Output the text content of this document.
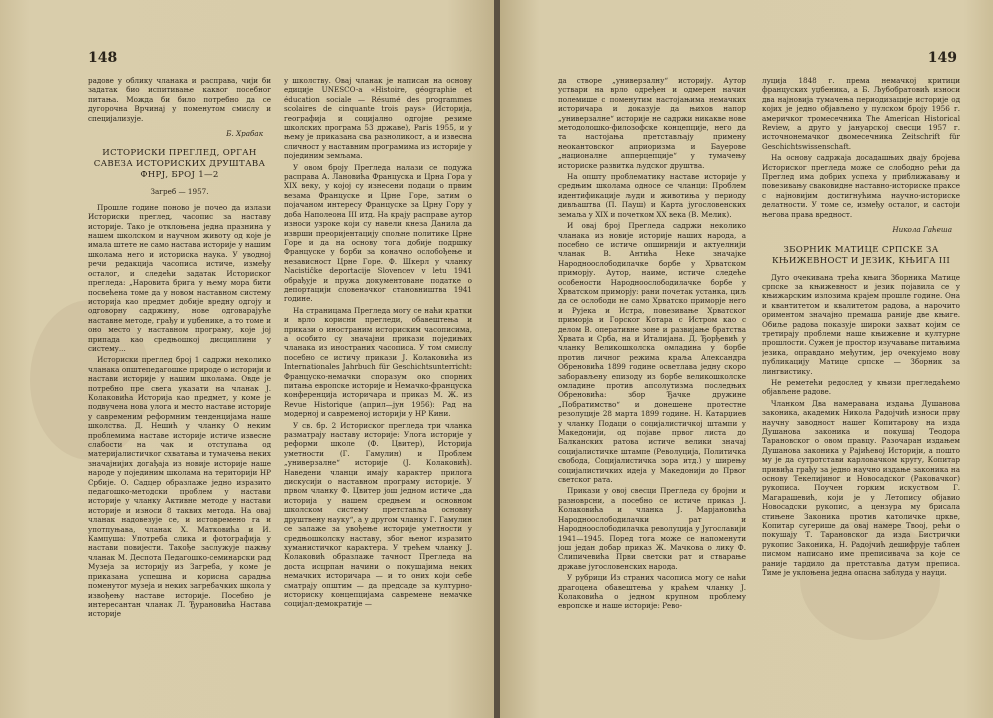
148

радове у облику чланака и расправа, чији би задатак био испитивање каквог посебног питања. Можда би било потребно да се дугорочна Врчинај у поменутом смислу и специјализује.

Б. Храбак
ИСТОРИСКИ ПРЕГЛЕД, ОРГАН САВЕЗА ИСТОРИСКИХ ДРУШТАВА ФНРЈ, БРОЈ 1—2
Загреб — 1957.

Прошле године поново је почео да излази Историски преглед, часопис за наставу историје. Тако је отклоњена једна празнина у нашем школском и научном животу од које је имала штете не само настава историје у нашим школама него и историска наука. У уводној речи редакција часописа истиче, између осталог, и следећи задатак Историског прегледа: „Наровита брига у њему мора бити посвећена томе да у новом наставном систему историја као предмет добије вредну одгоју и одговорну садржину, нове одговарајуће наставне методе, грађу и уџбенике, а то томе и оно место у наставном програму, које јој припада као средњошкој дисциплини у систему...

Историски преглед број 1 садржи неколико чланака општепедагошке природе о историји и настави историје у нашим школама. Овде је потребно пре свега указати на чланак Ј. Колаковића Историја као предмет, у коме је подвучена нова улога и место наставе историје у савременим реформним тенденцијама наше школства. Д. Нешић у чланку О неким проблемима наставе историје истиче извесне слабости на чак и отступања од материјалистичког схватања и тумачења неких значајнијих догађаја из новије историје наше народе у појединим школама на територији НР Србије. О. Садцер образлаже једно изразито педагошко-методски проблем у настави историје у чланку Активне методе у настави историје и износи 8 таквих метода. На овај чланак надовезује се, и истовремено га и употпуњава, чланак Х. Матковића и И. Кампуша: Употреба слика и фотографија у настави повијести. Такође заслужује пажњу чланак М. Деспота Педагошко-семинарски рад Музеја за историју из Загреба, у коме је приказана успешна и корисна сарадња поменутог музеја и неких загребачких школа у извођењу наставе историје. Посебно је интересантан чланак Л. Ђурановића Настава историје

у школству. Овај чланак је написан на основу едиције UNESCO-а «Histoire, géographie et éducation sociale — Résumé des programmes scolaires de cinquante trois pays» (Историја, географија и социјално одгојне резиме школских програма 53 државе), Paris 1955, и у њему је приказана сва разноликост, а и извесна сличност у наставним програмима из историје у појединим земљама.

У овом броју Прегледа налази се подужа расправа А. Лановића Француска и Црна Гора у XIX веку, у којој су изнесени подаци о првим везама Француске и Црне Горе, затим о појачаном интересу Француске за Црну Гору у доба Наполеона III итд. На крају расправе аутор износи узроке који су навели кнеза Данила да изврши преоријентацију спољне политике Црне Горе и да на основу тога добије подршку Француске у борби за коначно ослобођење и независност Црне Горе. Ф. Шкерл у чланку Nacističke deportacije Slovencev v letu 1941 обрађује и пружа документоване податке о депортацији словеначког становништва 1941 године.

На страницама Прегледа могу се наћи кратки и врло корисни прегледи, обавештења и прикази о иностраним историским часописима, а особито су значајни прикази поједињих чланака из иностраних часописа. У том смислу посебно се истичу прикази Ј. Колаковића из Internationales Jahrbuch für Geschichtsunterricht: Француско-немачки споразум око спорних питања европске историје и Немачко-француска конференција историчара и приказ М. Ж. из Revue Historique (април—јун 1956): Рад на модерној и савременој историји у НР Кини.

У св. бр. 2 Историског прегледа три чланка разматрају наставу историје: Улога историје у реформи школе (Ф. Цвитер), Историја уметности (Г. Гамулин) и Проблем „универзалне“ историје (Ј. Колаковић). Наведени чланци имају карактер прилога дискусији о наставном програму историје. У првом чланку Ф. Цвитер још једном истиче „да историја у нашем средњем и основном школском систему претставља основну друштвену науку“, а у другом чланку Г. Гамулин се залаже за увођење историје уметности у средњошколску наставу, због њеног изразито хуманистичког карактера. У трећем чланку Ј. Колаковић образлаже тачност Прегледа на доста исцрпан начини о покушајима неких немачких историчара — и то оних који себе сматрају општим — да предсаде за културно-историску концепцијама савремене немачке социјал-демократије —

149

да створе „универзалну“ историју. Аутор уствари на врло одређен и одмерен начин полемише с поменутим настојањима немачких историчара и доказује да њихов напор „универзалне“ историје не садржи никакве нове методолошко-филозофске концепције, него да та настојања претстављају примену неокантовског априоризма и Бауерове „националне апперцепције“ у тумачењу историске развитка људског друштва.

На општу проблематику наставе историје у средњим школама односе се чланци: Проблем идентификације људи и животиња у периоду дивљаштва (П. Пауш) и Карта југословенских земаља у XIX и почетком XX века (В. Мелик).

И овај број Прегледа садржи неколико чланака из новије историје наших народа, а посебно се истиче опширнији и актуелнији чланак В. Антића Неке значајке Народноослободилачке борбе у Хрватском приморју. Аутор, наиме, истиче следеће особености Народноослободилачке борбе у Хрватском приморју: рани почетак устанка, циљ да се ослободи не само Хрватско приморје него и Рујека и Истра, повезивање Хрватског приморја и Горског Котара с Истром као с делом В. оперативне зоне и развијање братства Хрвата и Срба, на и Италијана. Д. Ђорђевић у чланку Великошколска омладина у борбе против личног режима краља Александра Обреновића 1899 године осветлава једну скоро заборављену епизоду из борбе великошколске омладине против апсолутизма последњих Обреновића: збор Ђачке дружине „Побратимство“ и донешене протестне резолуције 28 марта 1899 године. Н. Катарџиев у чланку Подаци о социјалистичкој штампи у Македонији, од појаве првог листа до Балканских ратова истиче велики значај социјалистичке штампе (Револуција, Политичка свобода, Социјалистичка зора итд.) у ширењу социјалистичких идеја у Македонији до Првог светског рата.

Прикази у овој свесци Прегледа су бројни и разноврсни, а посебно се истиче приказ Ј. Колаковића и чланка Ј. Марјановића Народноослободилачки рат и Народноослободилачка револуција у Југославији 1941—1945. Поред тога може се напоменути још један добар приказ Ж. Мачкова о лику Ф. Слипичевића Први светски рат и стварање државе југословенских народа.

У рубрици Из страних часописа могу се наћи драгоцена обавештења у краћем чланку Ј. Колаковића о једном крупном проблему европске и наше историје: Рево-

луција 1848 г. према немачкој критици француских уџбеника, а Б. Љубобратовић износи два најновија тумачења периодизације историје од којих је једно објављено у пулском броју 1956 г. америчког тромесечника The American Historical Review, а друго у јануарској свесци 1957 г. источнонемачког двомесечника Zeitschrift für Geschichtswissenschaft.

На основу садржаја досадашњих двају бројева Историског прегледа може се слободно рећи да Преглед има добрих успеха у приближавању и повезивању сваковидне наставно-историске праксе с најновијим достигнућима научно-историске делатности. У томе се, између осталог, и састоји његова права вредност.

Никола Гаћеша
ЗБОРНИК МАТИЦЕ СРПСКЕ ЗА КЊИЖЕВНОСТ И ЈЕЗИК, КЊИГА III

Дуго очекивана трећа књига Зборника Матице српске за књижевност и језик појавила се у књижарским излозима крајем прошле године. Она и квантитетом и квалитетом радова, а нарочито ориментом значајно премаша раније две књиге. Обиље радова показује широки захват којим се третирају проблеми наше књижевне и културне прошлости. Сужен је простор изучавање питањима језика, оправдано међутим, јер очекујемо нову публикацију Матице српске — Зборник за лингвистику.

Не реметећи редослед у књизи прегледаћемо објављене радове.

Чланком Два намеравана издања Душанова законика, академик Никола Радојчић износи прву научну заводност нашег Копитарову на изда Душанова законика и покушај Теодора Тарановског о овом правцу. Разочаран издањем Душанова законика у Рајићевој Историји, а пошто му је да сутротстави карловачком кругу, Копитар привиђа грађу за једно научно издање законика на основу Текелијиног и Новосадског (Раковачког) рукописа. Поучен горким искуством Г. Магарашевић, који је у Летопису објавио Новосадски рукопис, а цензура му брисала стињене Законика против католичке цркве, Копитар сугерише да овај намере Твоој, рећи о покушају Т. Тарановског да изда Бистрички рукопис Законика, Н. Радојчић дешифрује таблен писмом написано име преписивача за које се раније тардило да претставља датум преписа. Тиме је уклоњена једна опасна заблуда у науци.
